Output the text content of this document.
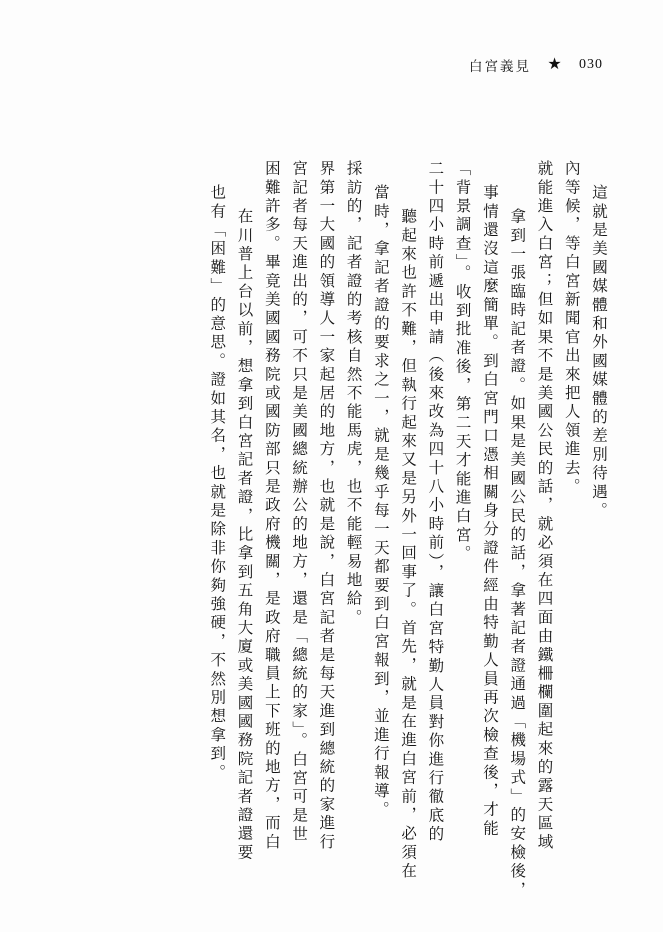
白宮義見 ★ 030
也有「困難」的意思。證如其名，也就是除非你夠強硬，不然別想拿到。 在川普上台以前，想拿到白宮記者證，比拿到五角大廈或美國國務院記者證還要 困難許多。畢竟美國國務院或國防部只是政府機關，是政府職員上下班的地方，而白 宮記者每天進出的，可不只是美國總統辦公的地方，還是「總統的家」。白宮可是世 界第一大國的領導人一家起居的地方，也就是說，白宮記者是每天進到總統的家進行 採訪的，記者證的考核自然不能馬虎，也不能輕易地給。 當時，拿記者證的要求之一，就是幾乎每一天都要到白宮報到，並進行報導。 聽起來也許不難，但執行起來又是另外一回事了。首先，就是在進白宮前，必須在 二十四小時前遞出申請（後來改為四十八小時前），讓白宮特勤人員對你進行徹底的 「背景調查」。收到批准後，第二天才能進白宮。 事情還沒這麼簡單。到白宮門口憑相關身分證件經由特勤人員再次檢查後，才能 拿到一張臨時記者證。如果是美國公民的話，拿著記者證通過「機場式」的安檢後， 就能進入白宮；但如果不是美國公民的話，就必須在四面由鐵柵欄圍起來的露天區域 內等候，等白宮新聞官出來把人領進去。 這就是美國媒體和外國媒體的差別待遇。
